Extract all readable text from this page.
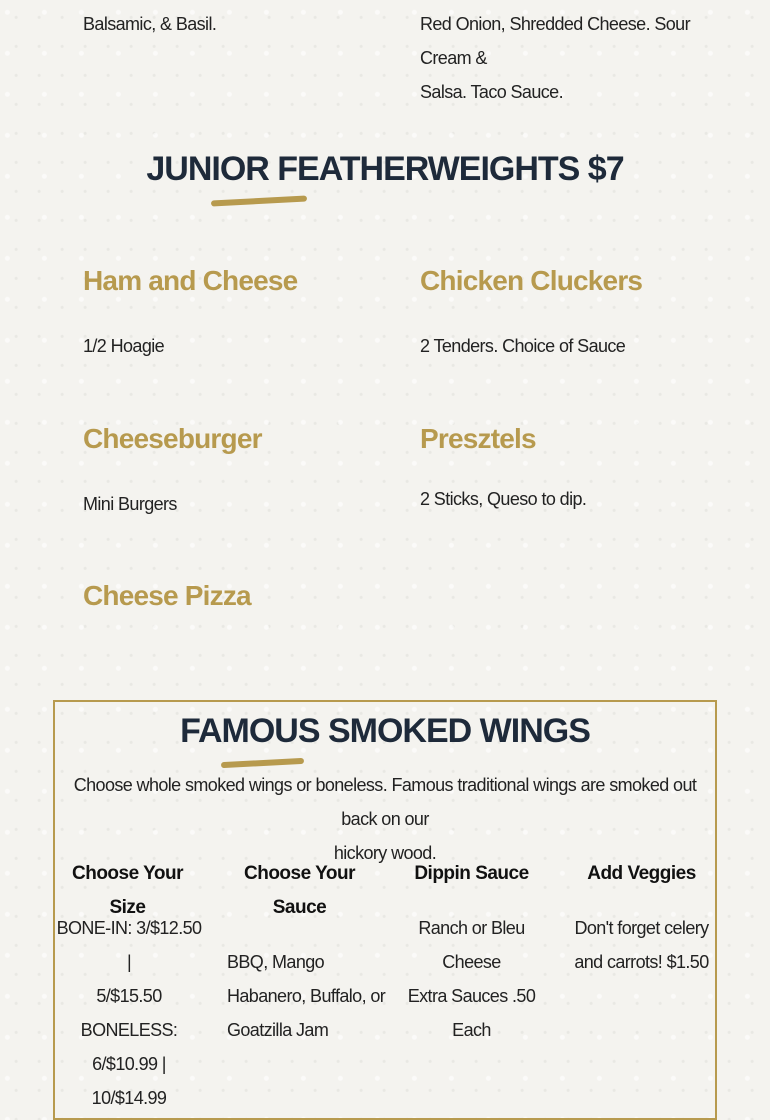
Balsamic, & Basil.	Red Onion, Shredded Cheese. Sour Cream &
Salsa. Taco Sauce.
JUNIOR FEATHERWEIGHTS $7
Ham and Cheese
1/2 Hoagie
Chicken Cluckers
2 Tenders. Choice of Sauce
Cheeseburger
Mini Burgers
Presztels
2 Sticks, Queso to dip.
Cheese Pizza
FAMOUS SMOKED WINGS
Choose whole smoked wings or boneless. Famous traditional wings are smoked out back on our
hickory wood.
Choose Your Size
BONE-IN: 3/$12.50 |
5/$15.50
BONELESS:
6/$10.99 |
10/$14.99
Choose Your
Sauce
BBQ, Mango
Habanero, Buffalo, or
Goatzilla Jam
Dippin Sauce
Ranch or Bleu
Cheese
Extra Sauces .50
Each
Add Veggies
Don't forget celery
and carrots! $1.50
